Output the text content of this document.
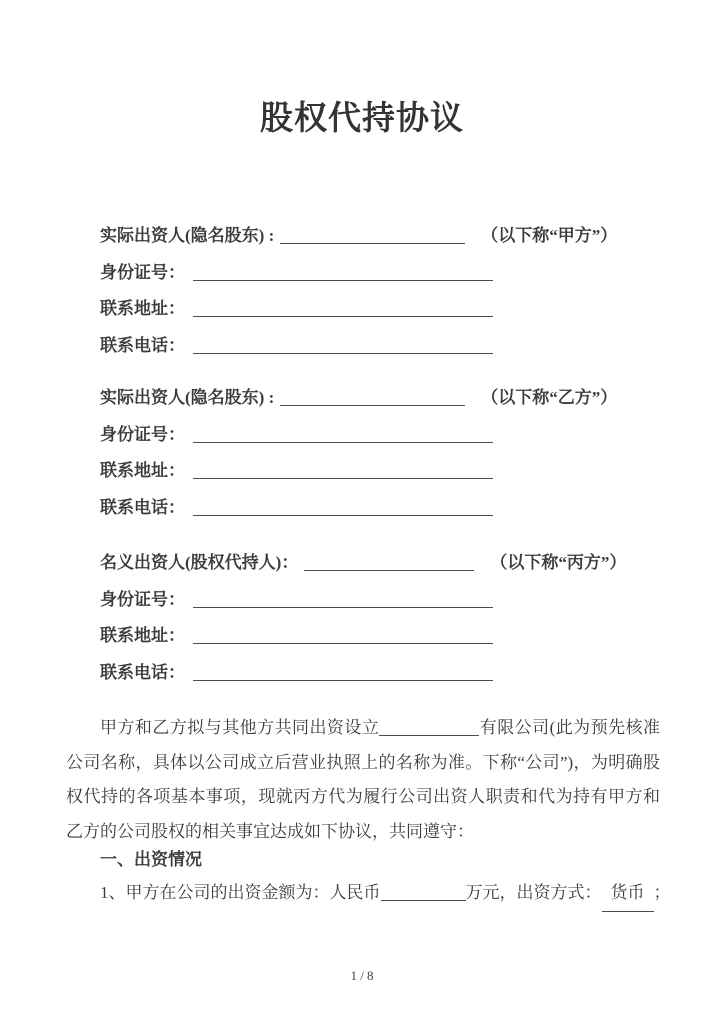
股权代持协议
实际出资人(隐名股东) :	（以下称“甲方”）
身份证号：
联系地址：
联系电话：
实际出资人(隐名股东) :	（以下称“乙方”）
身份证号：
联系地址：
联系电话：
名义出资人(股权代持人)：	（以下称“丙方”）
身份证号：
联系地址：
联系电话：

甲方和乙方拟与其他方共同出资设立	有限公司(此为预先核准公司名称，具体以公司成立后营业执照上的名称为准。下称“公司”)，为明确股权代持的各项基本事项，现就丙方代为履行公司出资人职责和代为持有甲方和乙方的公司股权的相关事宜达成如下协议，共同遵守：

一、出资情况
1、甲方在公司的出资金额为：人民币	万元，出资方式： 货币 ；
1 / 8
